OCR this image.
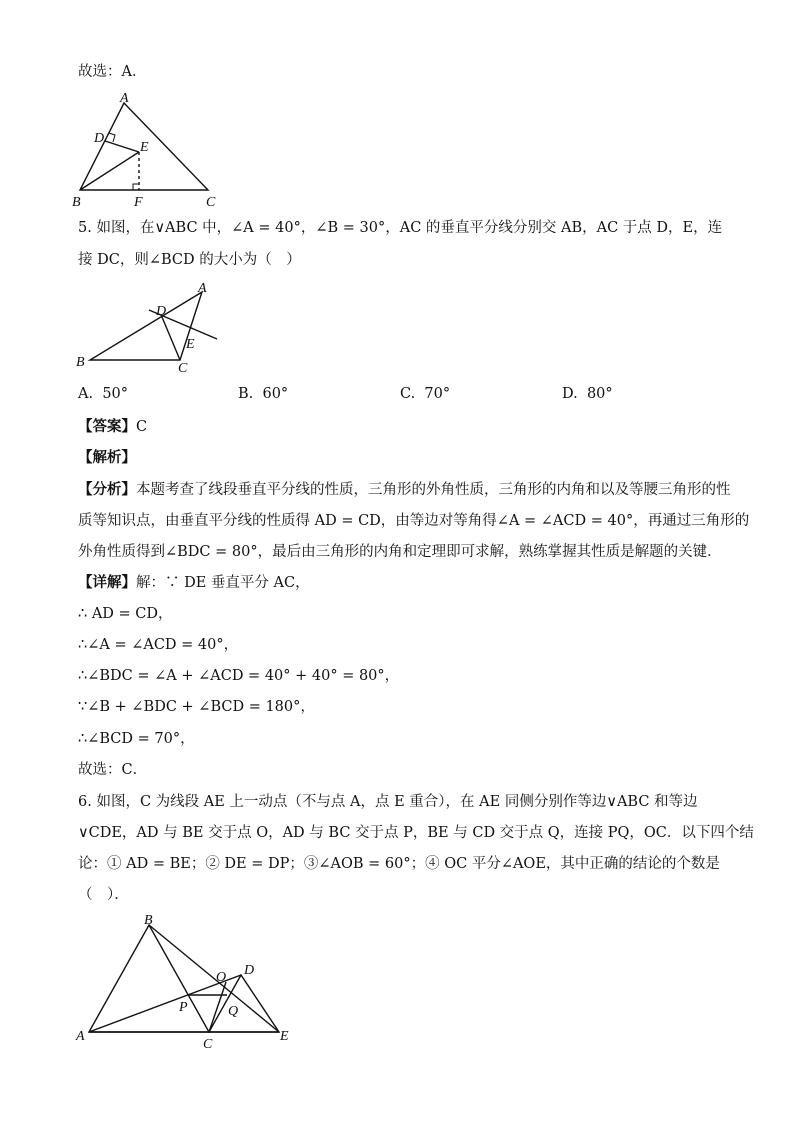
故选：A．
A
B	C
D
E
F
5. 如图，在∨ABC 中，∠A = 40°，∠B = 30°，AC 的垂直平分线分别交 AB，AC 于点 D，E，连
接 DC，则∠BCD 的大小为（　）
A
B	C
D
E
A. 50°	B. 60°	C. 70°	D. 80°
【答案】C
【解析】
【分析】本题考查了线段垂直平分线的性质，三角形的外角性质，三角形的内角和以及等腰三角形的性
质等知识点，由垂直平分线的性质得 AD = CD，由等边对等角得∠A = ∠ACD = 40°，再通过三角形的
外角性质得到∠BDC = 80°，最后由三角形的内角和定理即可求解，熟练掌握其性质是解题的关键．
【详解】解：∵ DE 垂直平分 AC，
∴ AD = CD，
∴∠A = ∠ACD = 40°，
∴∠BDC = ∠A + ∠ACD = 40° + 40° = 80°，
∵∠B + ∠BDC + ∠BCD = 180°，
∴∠BCD = 70°，
故选：C．
6. 如图，C 为线段 AE 上一动点（不与点 A，点 E 重合），在 AE 同侧分别作等边∨ABC 和等边
∨CDE，AD 与 BE 交于点 O，AD 与 BC 交于点 P，BE 与 CD 交于点 Q，连接 PQ，OC．以下四个结
论：① AD = BE；② DE = DP；③∠AOB = 60°；④ OC 平分∠AOE，其中正确的结论的个数是
（　）．
B
A
C
D
E
O
P	Q
